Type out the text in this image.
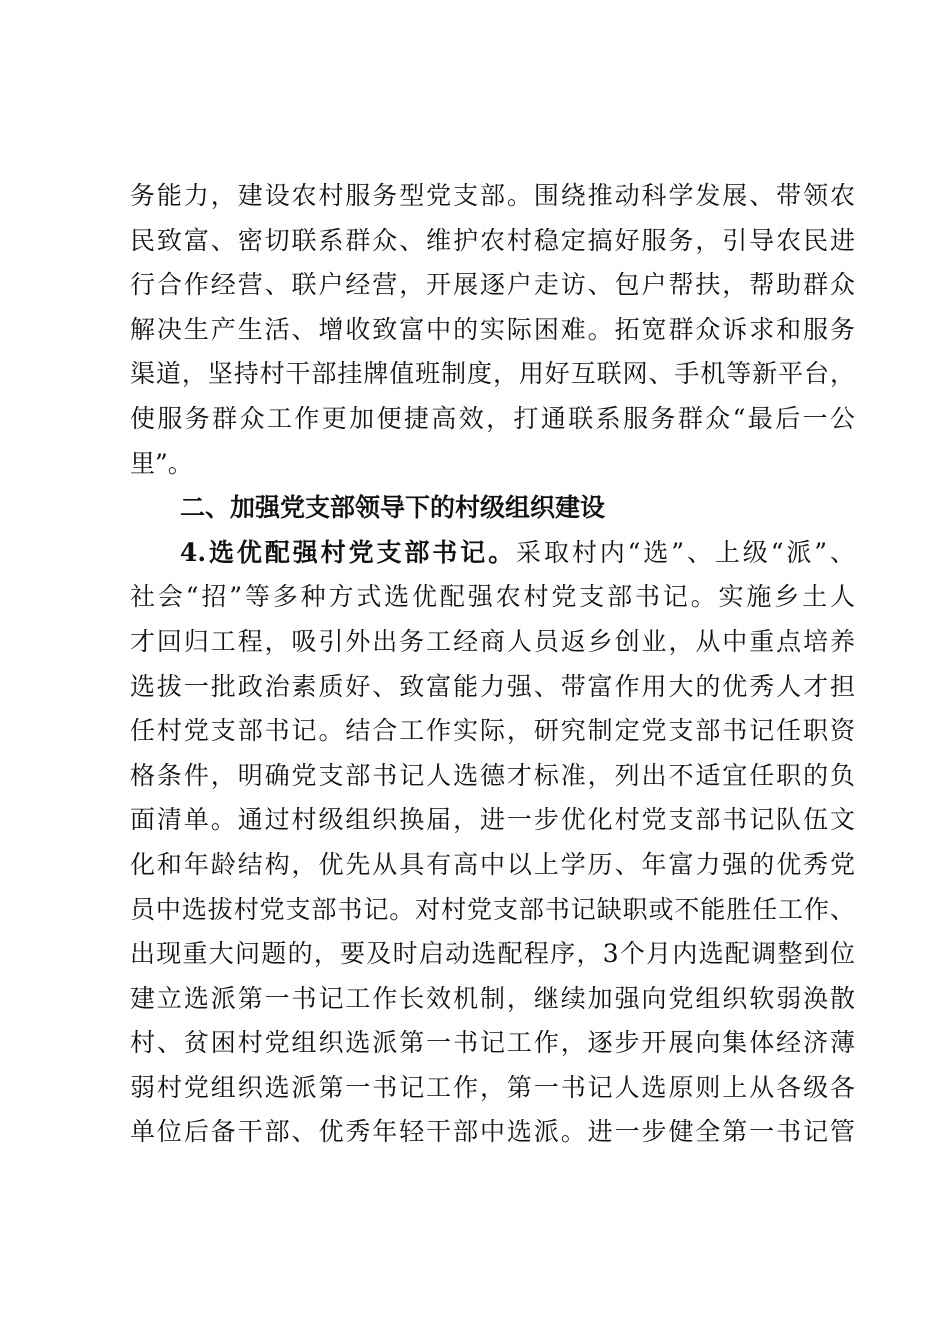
务能力，建设农村服务型党支部。围绕推动科学发展、带领农
民致富、密切联系群众、维护农村稳定搞好服务，引导农民进
行合作经营、联户经营，开展逐户走访、包户帮扶，帮助群众
解决生产生活、增收致富中的实际困难。拓宽群众诉求和服务
渠道，坚持村干部挂牌值班制度，用好互联网、手机等新平台，
使服务群众工作更加便捷高效，打通联系服务群众“最后一公
里”。
二、加强党支部领导下的村级组织建设
4.选优配强村党支部书记。采取村内“选”、上级“派”、
社会“招”等多种方式选优配强农村党支部书记。实施乡土人
才回归工程，吸引外出务工经商人员返乡创业，从中重点培养
选拔一批政治素质好、致富能力强、带富作用大的优秀人才担
任村党支部书记。结合工作实际，研究制定党支部书记任职资
格条件，明确党支部书记人选德才标准，列出不适宜任职的负
面清单。通过村级组织换届，进一步优化村党支部书记队伍文
化和年龄结构，优先从具有高中以上学历、年富力强的优秀党
员中选拔村党支部书记。对村党支部书记缺职或不能胜任工作、
出现重大问题的，要及时启动选配程序，3个月内选配调整到位
建立选派第一书记工作长效机制，继续加强向党组织软弱涣散
村、贫困村党组织选派第一书记工作，逐步开展向集体经济薄
弱村党组织选派第一书记工作，第一书记人选原则上从各级各
单位后备干部、优秀年轻干部中选派。进一步健全第一书记管
